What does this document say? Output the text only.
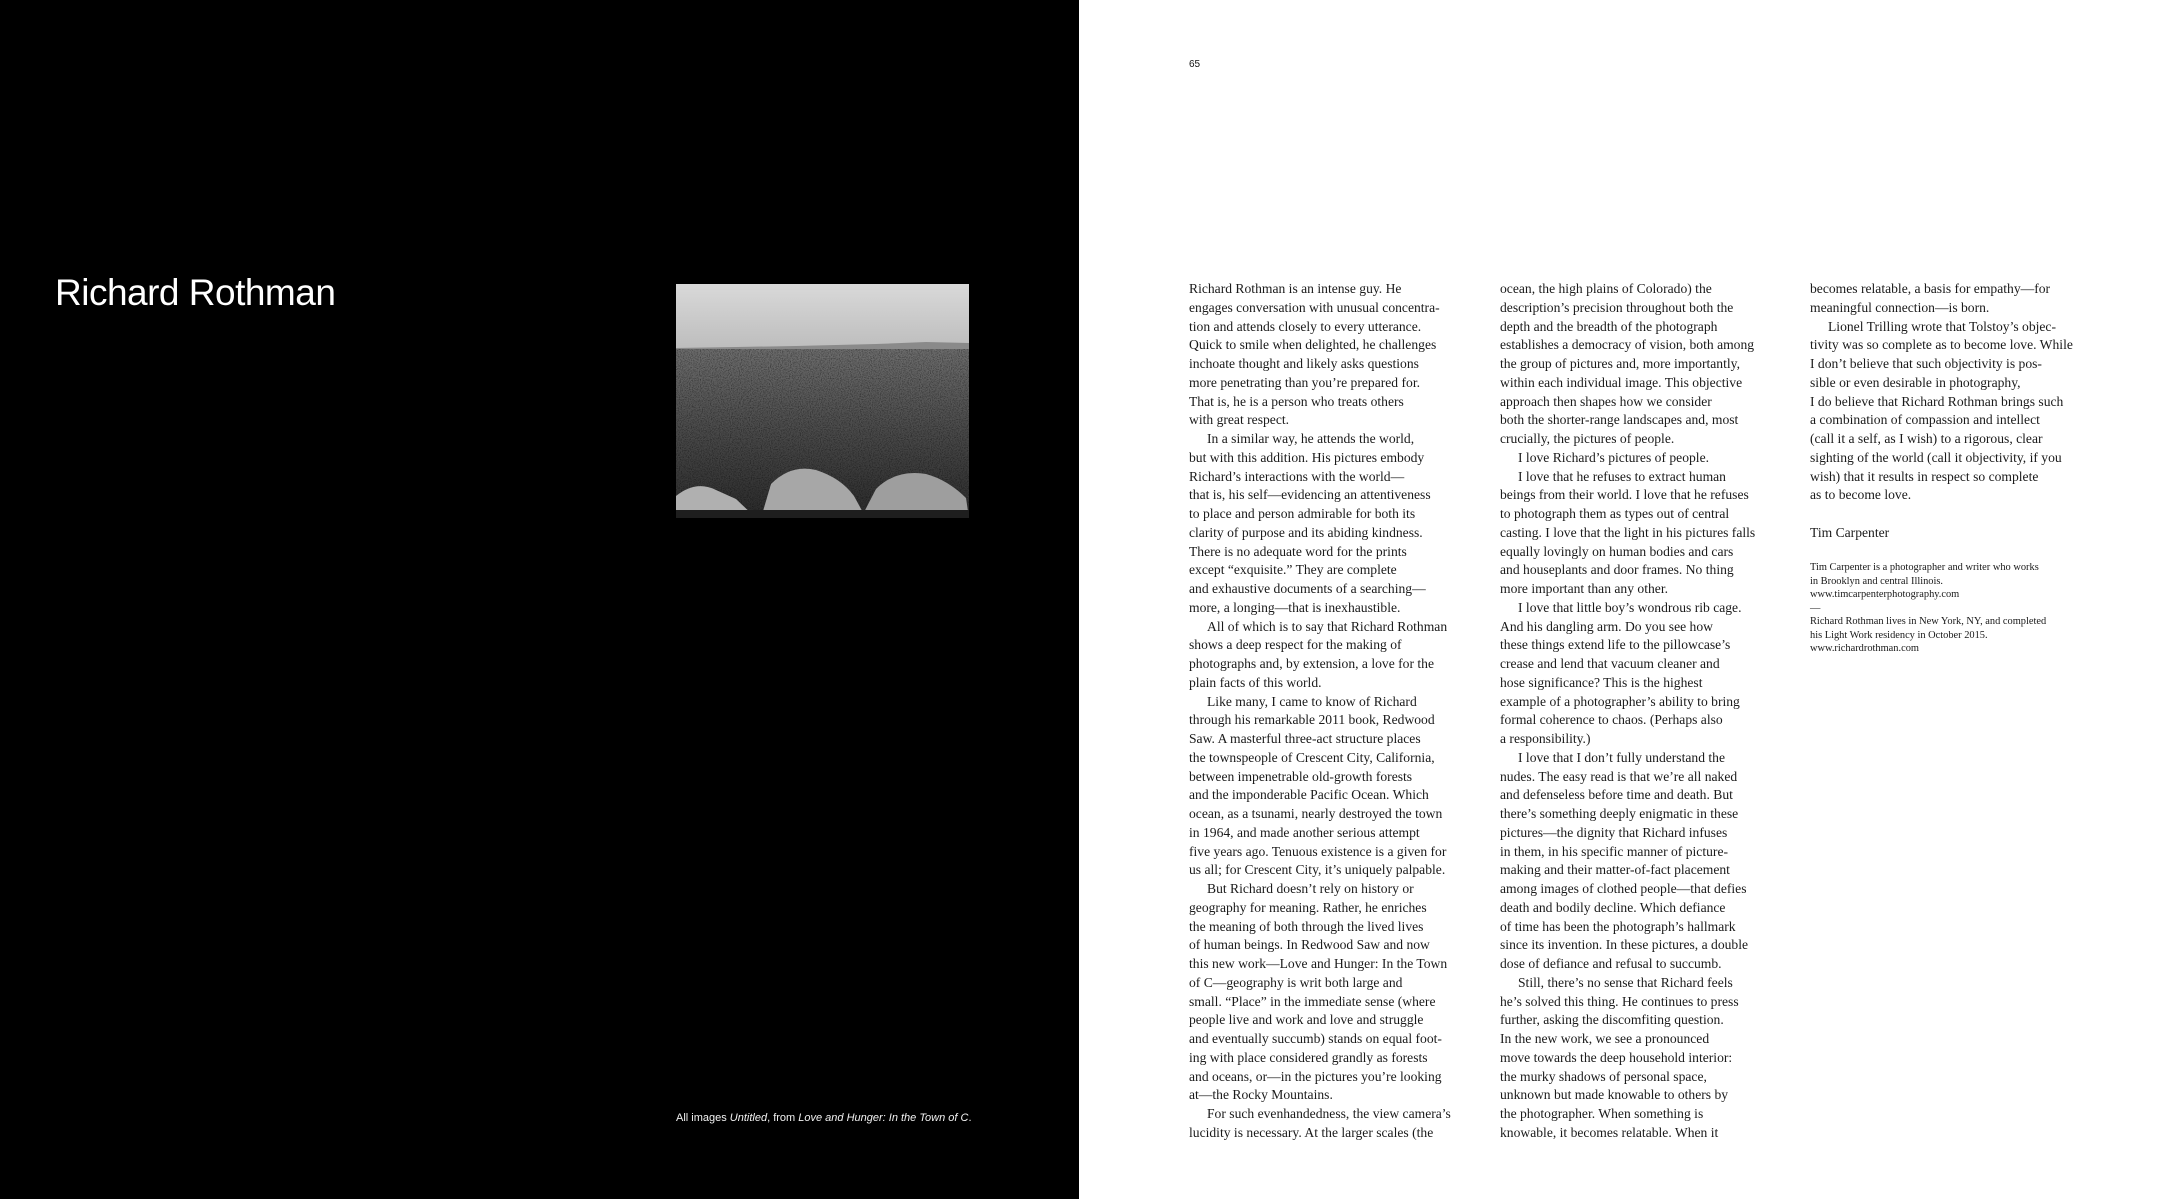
Richard Rothman
All images Untitled, from Love and Hunger: In the Town of C.
65
Richard Rothman is an intense guy. He
engages conversation with unusual concentra-
tion and attends closely to every utterance.
Quick to smile when delighted, he challenges
inchoate thought and likely asks questions
more penetrating than you’re prepared for.
That is, he is a person who treats others
with great respect.
In a similar way, he attends the world,
but with this addition. His pictures embody
Richard’s interactions with the world—
that is, his self—evidencing an attentiveness
to place and person admirable for both its
clarity of purpose and its abiding kindness.
There is no adequate word for the prints
except “exquisite.” They are complete
and exhaustive documents of a searching—
more, a longing—that is inexhaustible.
All of which is to say that Richard Rothman
shows a deep respect for the making of
photographs and, by extension, a love for the
plain facts of this world.
Like many, I came to know of Richard
through his remarkable 2011 book, Redwood
Saw. A masterful three-act structure places
the townspeople of Crescent City, California,
between impenetrable old-growth forests
and the imponderable Pacific Ocean. Which
ocean, as a tsunami, nearly destroyed the town
in 1964, and made another serious attempt
five years ago. Tenuous existence is a given for
us all; for Crescent City, it’s uniquely palpable.
But Richard doesn’t rely on history or
geography for meaning. Rather, he enriches
the meaning of both through the lived lives
of human beings. In Redwood Saw and now
this new work—Love and Hunger: In the Town
of C—geography is writ both large and
small. “Place” in the immediate sense (where
people live and work and love and struggle
and eventually succumb) stands on equal foot-
ing with place considered grandly as forests
and oceans, or—in the pictures you’re looking
at—the Rocky Mountains.
For such evenhandedness, the view camera’s
lucidity is necessary. At the larger scales (the
ocean, the high plains of Colorado) the
description’s precision throughout both the
depth and the breadth of the photograph
establishes a democracy of vision, both among
the group of pictures and, more importantly,
within each individual image. This objective
approach then shapes how we consider
both the shorter-range landscapes and, most
crucially, the pictures of people.
I love Richard’s pictures of people.
I love that he refuses to extract human
beings from their world. I love that he refuses
to photograph them as types out of central
casting. I love that the light in his pictures falls
equally lovingly on human bodies and cars
and houseplants and door frames. No thing
more important than any other.
I love that little boy’s wondrous rib cage.
And his dangling arm. Do you see how
these things extend life to the pillowcase’s
crease and lend that vacuum cleaner and
hose significance? This is the highest
example of a photographer’s ability to bring
formal coherence to chaos. (Perhaps also
a responsibility.)
I love that I don’t fully understand the
nudes. The easy read is that we’re all naked
and defenseless before time and death. But
there’s something deeply enigmatic in these
pictures—the dignity that Richard infuses
in them, in his specific manner of picture-
making and their matter-of-fact placement
among images of clothed people—that defies
death and bodily decline. Which defiance
of time has been the photograph’s hallmark
since its invention. In these pictures, a double
dose of defiance and refusal to succumb.
Still, there’s no sense that Richard feels
he’s solved this thing. He continues to press
further, asking the discomfiting question.
In the new work, we see a pronounced
move towards the deep household interior:
the murky shadows of personal space,
unknown but made knowable to others by
the photographer. When something is
knowable, it becomes relatable. When it
becomes relatable, a basis for empathy—for
meaningful connection—is born.
Lionel Trilling wrote that Tolstoy’s objec-
tivity was so complete as to become love. While
I don’t believe that such objectivity is pos-
sible or even desirable in photography,
I do believe that Richard Rothman brings such
a combination of compassion and intellect
(call it a self, as I wish) to a rigorous, clear
sighting of the world (call it objectivity, if you
wish) that it results in respect so complete
as to become love.
Tim Carpenter
Tim Carpenter is a photographer and writer who works
in Brooklyn and central Illinois.
www.timcarpenterphotography.com
—
Richard Rothman lives in New York, NY, and completed
his Light Work residency in October 2015.
www.richardrothman.com
